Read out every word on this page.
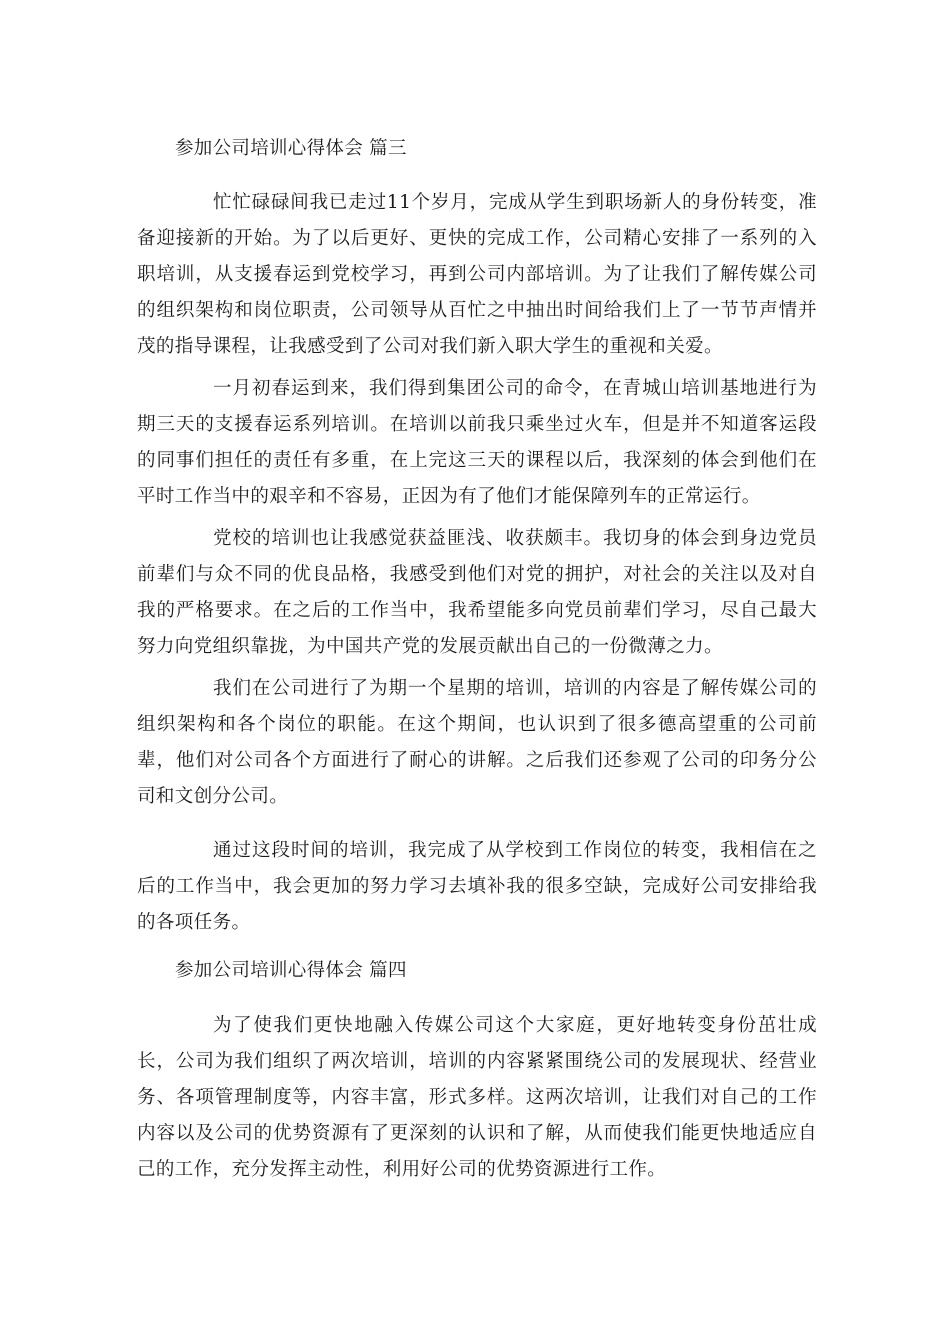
参加公司培训心得体会 篇三

忙忙碌碌间我已走过11个岁月，完成从学生到职场新人的身份转变，准备迎接新的开始。为了以后更好、更快的完成工作，公司精心安排了一系列的入职培训，从支援春运到党校学习，再到公司内部培训。为了让我们了解传媒公司的组织架构和岗位职责，公司领导从百忙之中抽出时间给我们上了一节节声情并茂的指导课程，让我感受到了公司对我们新入职大学生的重视和关爱。

一月初春运到来，我们得到集团公司的命令，在青城山培训基地进行为期三天的支援春运系列培训。在培训以前我只乘坐过火车，但是并不知道客运段的同事们担任的责任有多重，在上完这三天的课程以后，我深刻的体会到他们在平时工作当中的艰辛和不容易，正因为有了他们才能保障列车的正常运行。

党校的培训也让我感觉获益匪浅、收获颇丰。我切身的体会到身边党员前辈们与众不同的优良品格，我感受到他们对党的拥护，对社会的关注以及对自我的严格要求。在之后的工作当中，我希望能多向党员前辈们学习，尽自己最大努力向党组织靠拢，为中国共产党的发展贡献出自己的一份微薄之力。

我们在公司进行了为期一个星期的培训，培训的内容是了解传媒公司的组织架构和各个岗位的职能。在这个期间，也认识到了很多德高望重的公司前辈，他们对公司各个方面进行了耐心的讲解。之后我们还参观了公司的印务分公司和文创分公司。

通过这段时间的培训，我完成了从学校到工作岗位的转变，我相信在之后的工作当中，我会更加的努力学习去填补我的很多空缺，完成好公司安排给我的各项任务。

参加公司培训心得体会 篇四

为了使我们更快地融入传媒公司这个大家庭，更好地转变身份茁壮成长，公司为我们组织了两次培训，培训的内容紧紧围绕公司的发展现状、经营业务、各项管理制度等，内容丰富，形式多样。这两次培训，让我们对自己的工作内容以及公司的优势资源有了更深刻的认识和了解，从而使我们能更快地适应自己的工作，充分发挥主动性，利用好公司的优势资源进行工作。
